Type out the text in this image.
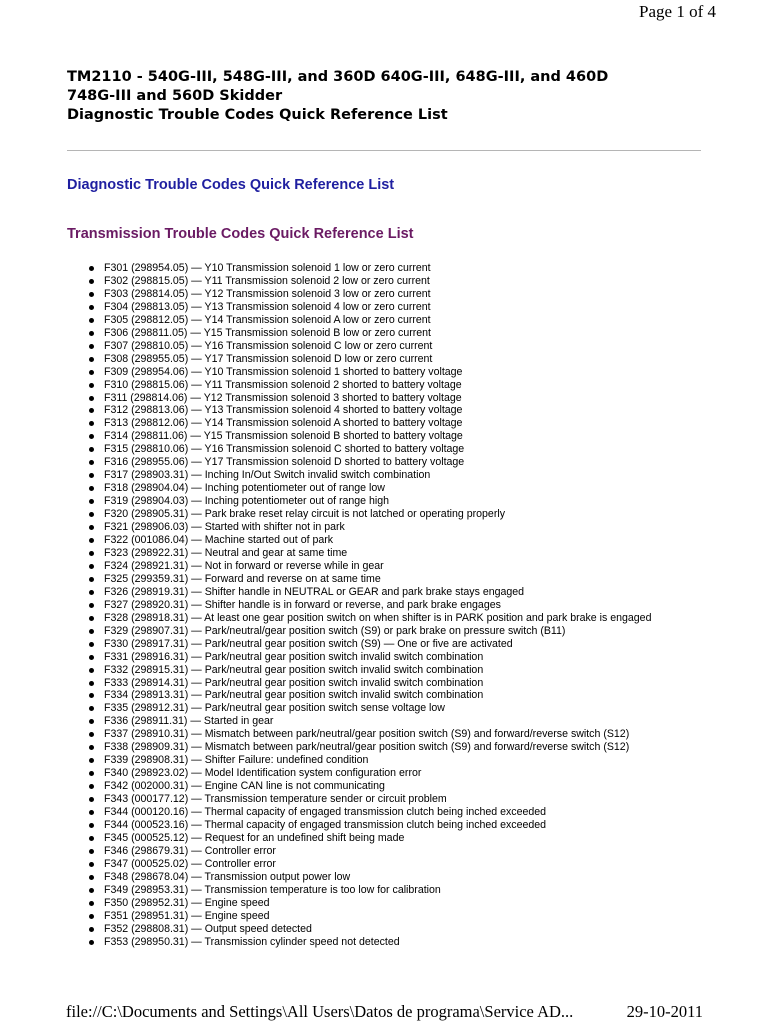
Page 1 of 4
TM2110 - 540G-III, 548G-III, and 360D 640G-III, 648G-III, and 460D
748G-III and 560D Skidder
Diagnostic Trouble Codes Quick Reference List
Diagnostic Trouble Codes Quick Reference List
Transmission Trouble Codes Quick Reference List
F301 (298954.05) — Y10 Transmission solenoid 1 low or zero current
F302 (298815.05) — Y11 Transmission solenoid 2 low or zero current
F303 (298814.05) — Y12 Transmission solenoid 3 low or zero current
F304 (298813.05) — Y13 Transmission solenoid 4 low or zero current
F305 (298812.05) — Y14 Transmission solenoid A low or zero current
F306 (298811.05) — Y15 Transmission solenoid B low or zero current
F307 (298810.05) — Y16 Transmission solenoid C low or zero current
F308 (298955.05) — Y17 Transmission solenoid D low or zero current
F309 (298954.06) — Y10 Transmission solenoid 1 shorted to battery voltage
F310 (298815.06) — Y11 Transmission solenoid 2 shorted to battery voltage
F311 (298814.06) — Y12 Transmission solenoid 3 shorted to battery voltage
F312 (298813.06) — Y13 Transmission solenoid 4 shorted to battery voltage
F313 (298812.06) — Y14 Transmission solenoid A shorted to battery voltage
F314 (298811.06) — Y15 Transmission solenoid B shorted to battery voltage
F315 (298810.06) — Y16 Transmission solenoid C shorted to battery voltage
F316 (298955.06) — Y17 Transmission solenoid D shorted to battery voltage
F317 (298903.31) — Inching In/Out Switch invalid switch combination
F318 (298904.04) — Inching potentiometer out of range low
F319 (298904.03) — Inching potentiometer out of range high
F320 (298905.31) — Park brake reset relay circuit is not latched or operating properly
F321 (298906.03) — Started with shifter not in park
F322 (001086.04) — Machine started out of park
F323 (298922.31) — Neutral and gear at same time
F324 (298921.31) — Not in forward or reverse while in gear
F325 (299359.31) — Forward and reverse on at same time
F326 (298919.31) — Shifter handle in NEUTRAL or GEAR and park brake stays engaged
F327 (298920.31) — Shifter handle is in forward or reverse, and park brake engages
F328 (298918.31) — At least one gear position switch on when shifter is in PARK position and park brake is engaged
F329 (298907.31) — Park/neutral/gear position switch (S9) or park brake on pressure switch (B11)
F330 (298917.31) — Park/neutral gear position switch (S9) — One or five are activated
F331 (298916.31) — Park/neutral gear position switch invalid switch combination
F332 (298915.31) — Park/neutral gear position switch invalid switch combination
F333 (298914.31) — Park/neutral gear position switch invalid switch combination
F334 (298913.31) — Park/neutral gear position switch invalid switch combination
F335 (298912.31) — Park/neutral gear position switch sense voltage low
F336 (298911.31) — Started in gear
F337 (298910.31) — Mismatch between park/neutral/gear position switch (S9) and forward/reverse switch (S12)
F338 (298909.31) — Mismatch between park/neutral/gear position switch (S9) and forward/reverse switch (S12)
F339 (298908.31) — Shifter Failure: undefined condition
F340 (298923.02) — Model Identification system configuration error
F342 (002000.31) — Engine CAN line is not communicating
F343 (000177.12) — Transmission temperature sender or circuit problem
F344 (000120.16) — Thermal capacity of engaged transmission clutch being inched exceeded
F344 (000523.16) — Thermal capacity of engaged transmission clutch being inched exceeded
F345 (000525.12) — Request for an undefined shift being made
F346 (298679.31) — Controller error
F347 (000525.02) — Controller error
F348 (298678.04) — Transmission output power low
F349 (298953.31) — Transmission temperature is too low for calibration
F350 (298952.31) — Engine speed
F351 (298951.31) — Engine speed
F352 (298808.31) — Output speed detected
F353 (298950.31) — Transmission cylinder speed not detected
file://C:\Documents and Settings\All Users\Datos de programa\Service AD...	29-10-2011
